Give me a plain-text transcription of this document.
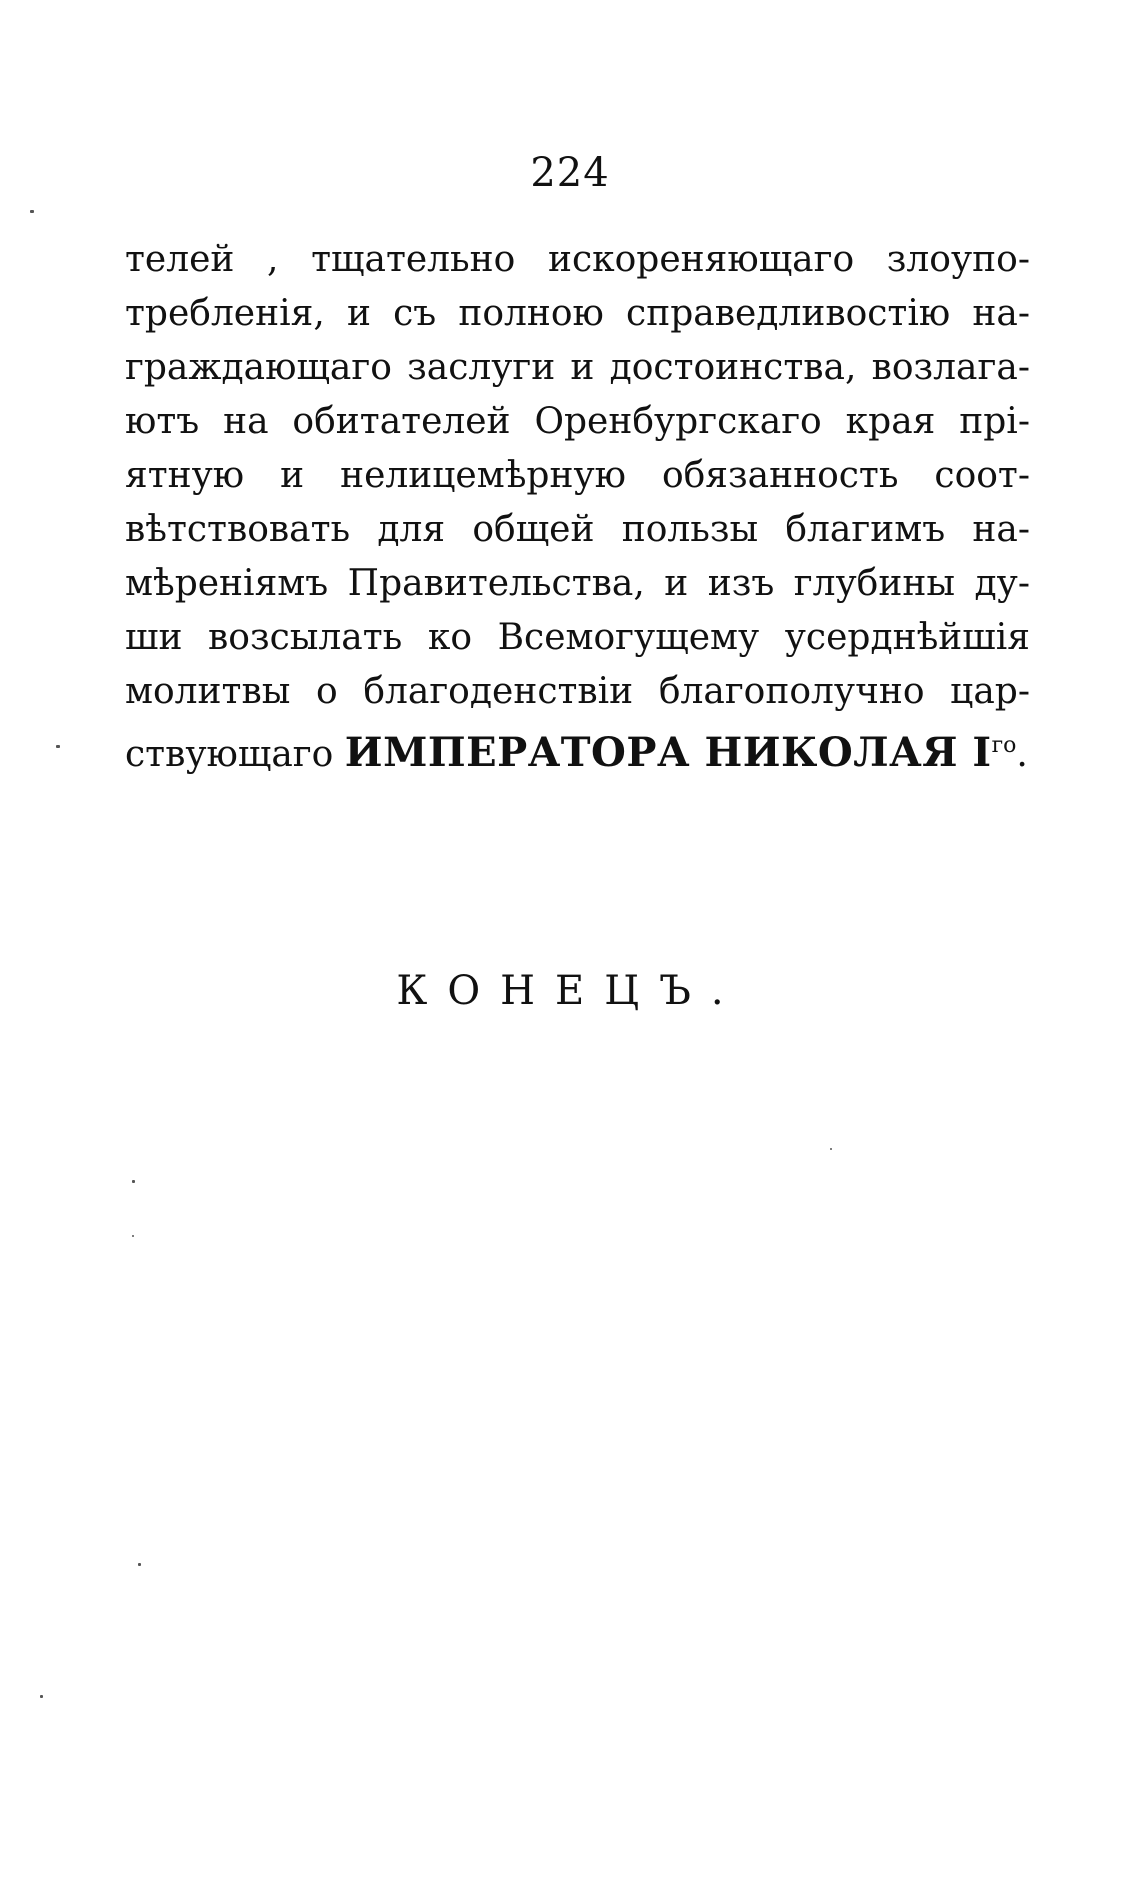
224
телей , тщательно искореняющаго злоупо-
требленія, и съ полною справедливостію на-
граждающаго заслуги и достоинства, возлага-
ютъ на обитателей Оренбургскаго края прі-
ятную и нелицемѣрную обязанность соот-
вѣтствовать для общей пользы благимъ на-
мѣреніямъ Правительства, и изъ глубины ду-
ши возсылать ко Всемогущему усерднѣйшія
молитвы о благоденствіи благополучно цар-
ствующаго ИМПЕРАТОРА НИКОЛАЯ $I^{го}$.
КОНЕЦЪ.
